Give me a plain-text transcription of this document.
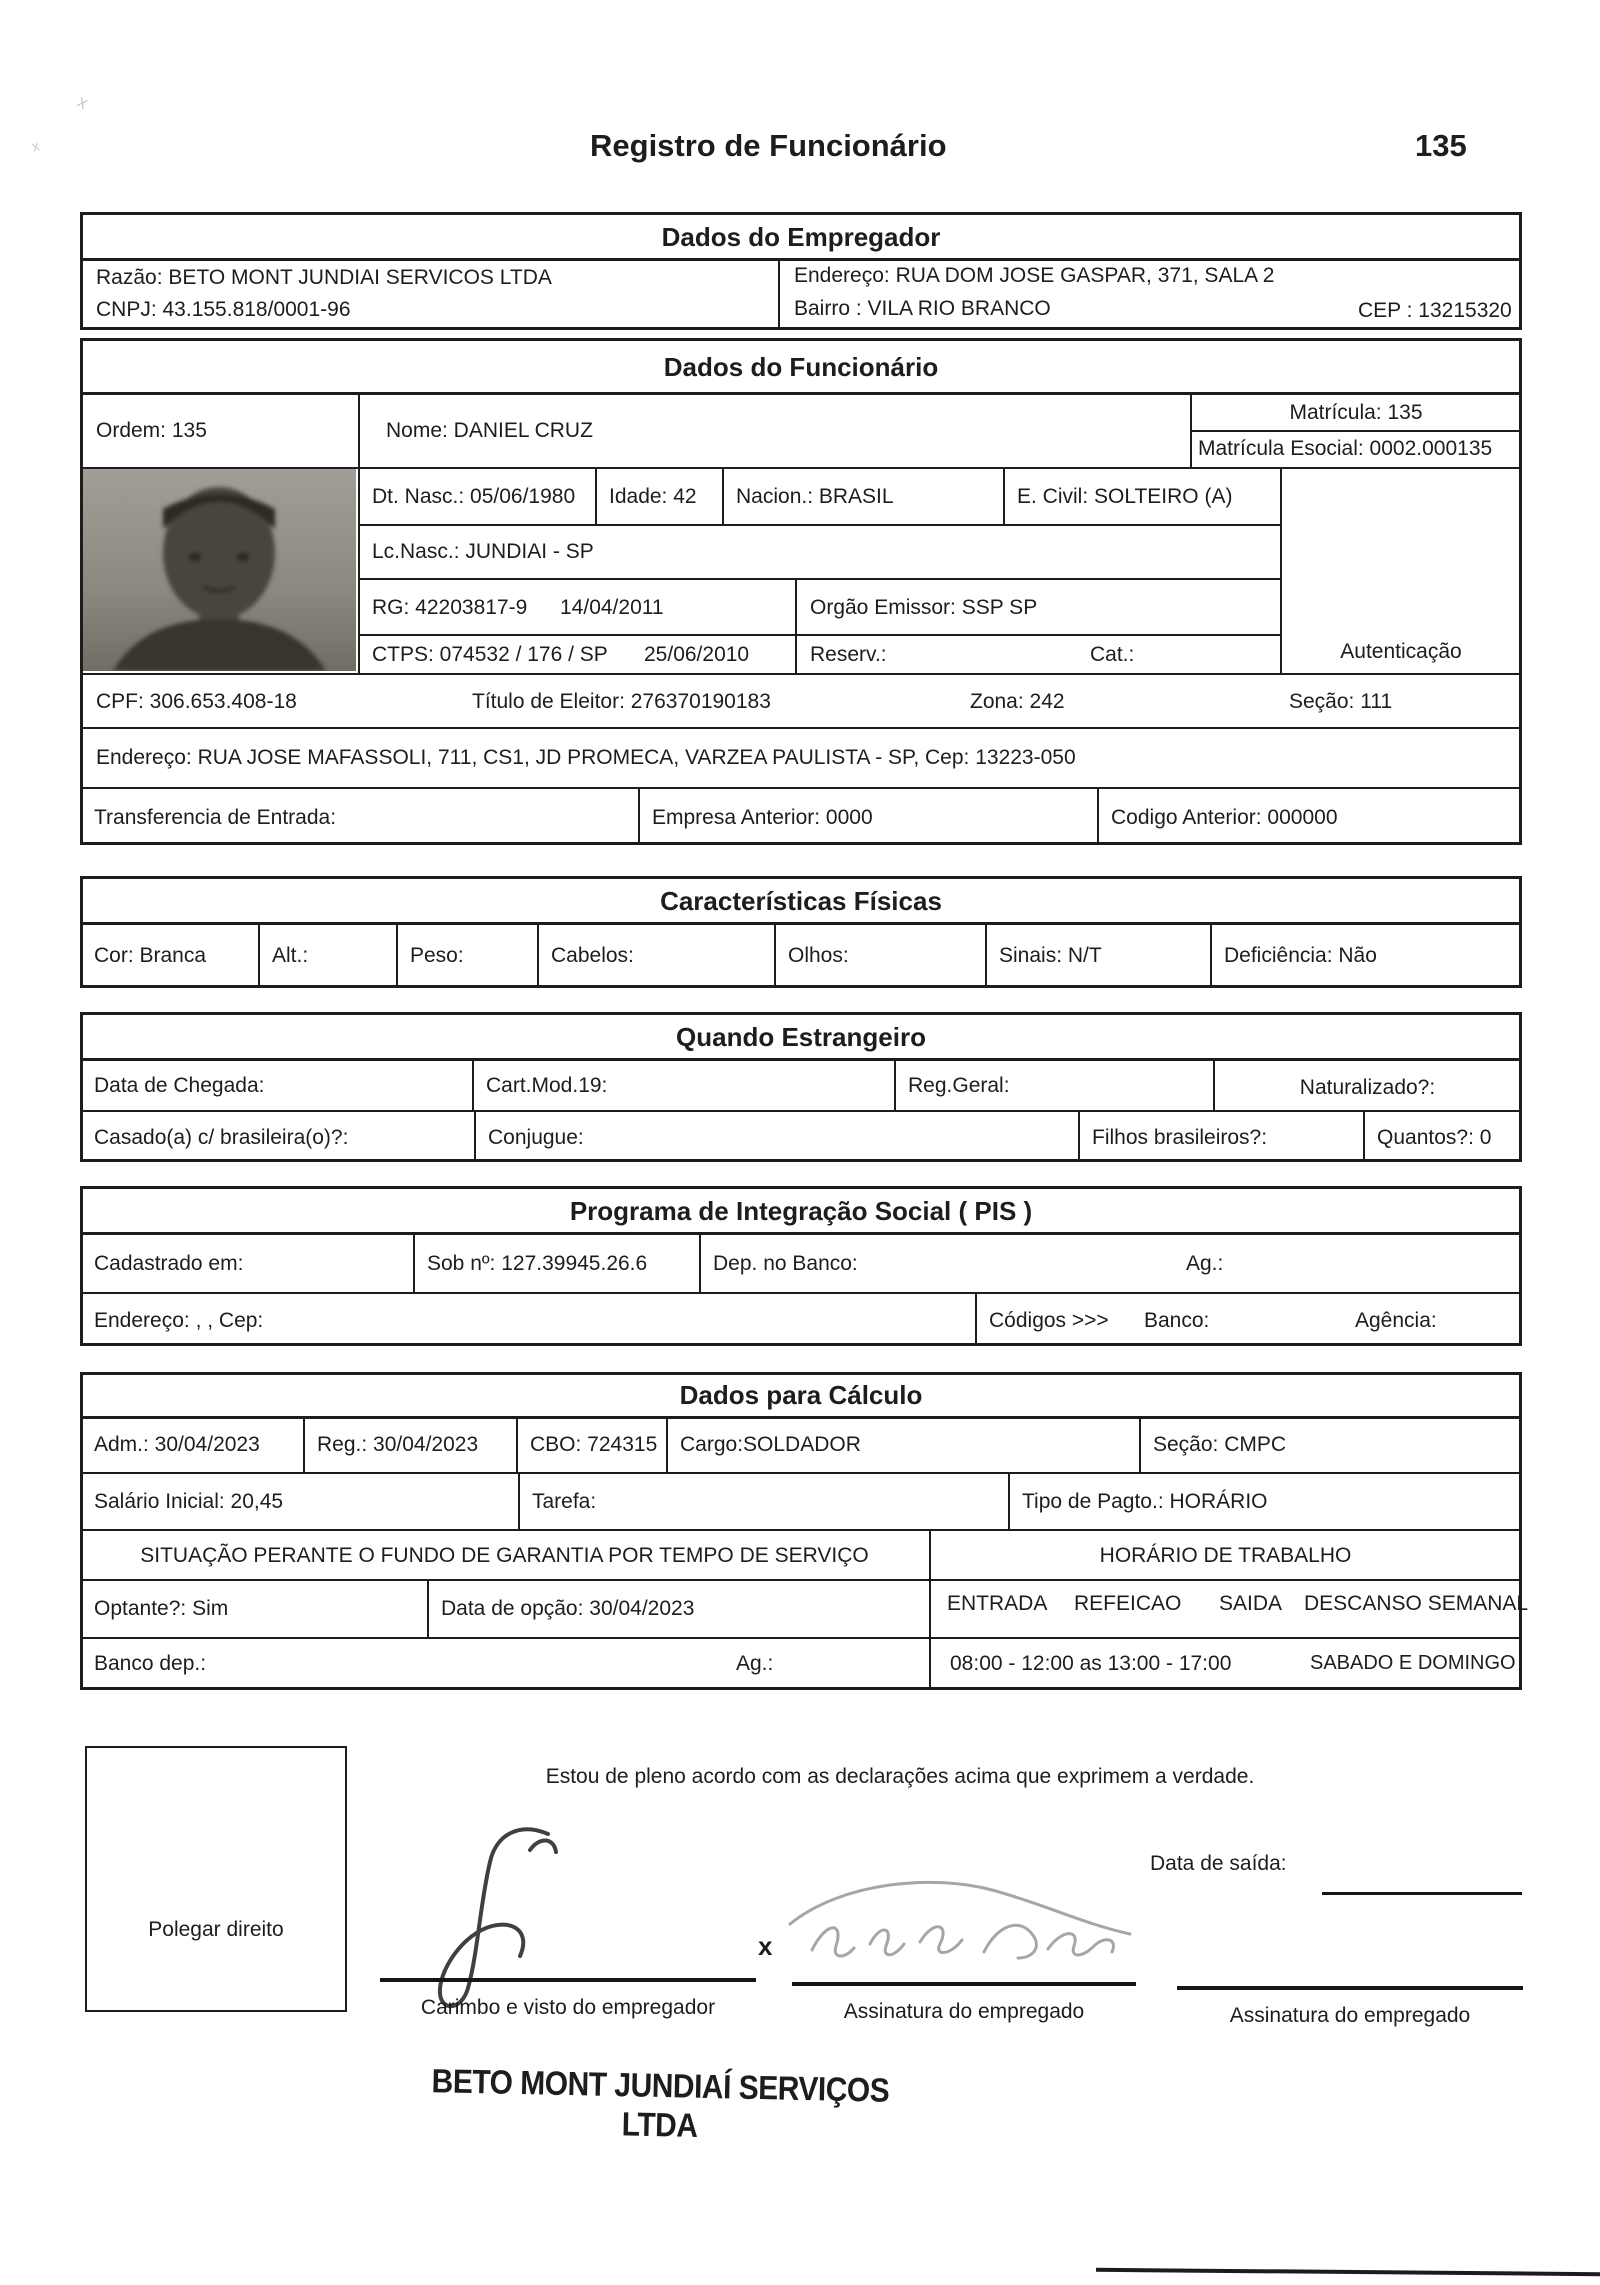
x
x	Registro de Funcionário	135
Dados do Empregador
Razão: BETO MONT JUNDIAI SERVICOS LTDA
CNPJ: 43.155.818/0001-96
Endereço: RUA DOM JOSE GASPAR, 371, SALA 2
Bairro : VILA RIO BRANCO	CEP : 13215320
Dados do Funcionário
Ordem: 135	Nome: DANIEL CRUZ
Matrícula: 135
Matrícula Esocial: 0002.000135
Dt. Nasc.: 05/06/1980 Idade: 42 Nacion.: BRASIL	E. Civil: SOLTEIRO (A)
Lc.Nasc.: JUNDIAI - SP
RG: 42203817-9 14/04/2011	Orgão Emissor: SSP SP
CTPS: 074532 / 176 / SP 25/06/2010	Reserv.:	Cat.:	Autenticação
CPF: 306.653.408-18	Título de Eleitor: 276370190183	Zona: 242	Seção: 111
Endereço: RUA JOSE MAFASSOLI, 711, CS1, JD PROMECA, VARZEA PAULISTA - SP, Cep: 13223-050
Transferencia de Entrada:	Empresa Anterior: 0000	Codigo Anterior: 000000
Características Físicas
Cor: Branca	Alt.:	Peso:	Cabelos:	Olhos:	Sinais: N/T	Deficiência: Não
Quando Estrangeiro
Data de Chegada:	Cart.Mod.19:	Reg.Geral:	Naturalizado?:
Casado(a) c/ brasileira(o)?:	Conjugue:	Filhos brasileiros?:	Quantos?: 0
Programa de Integração Social ( PIS )
Cadastrado em:	Sob nº: 127.39945.26.6	Dep. no Banco:	Ag.:
Endereço: , , Cep:	Códigos >>> Banco:	Agência:
Dados para Cálculo
Adm.: 30/04/2023	Reg.: 30/04/2023 CBO: 724315 Cargo:SOLDADOR	Seção: CMPC
Salário Inicial: 20,45	Tarefa:	Tipo de Pagto.: HORÁRIO
SITUAÇÃO PERANTE O FUNDO DE GARANTIA POR TEMPO DE SERVIÇO	HORÁRIO DE TRABALHO
Optante?: Sim	Data de opção: 30/04/2023	ENTRADA REFEICAO SAIDA DESCANSO SEMANAL
Banco dep.:	Ag.:	08:00 - 12:00 as 13:00 - 17:00	SABADO E DOMINGO
Polegar direito
Estou de pleno acordo com as declarações acima que exprimem a verdade.
Data de saída:
x
Carimbo e visto do empregador	Assinatura do empregado	Assinatura do empregado
BETO MONT JUNDIAÍ SERVIÇOS LTDA
